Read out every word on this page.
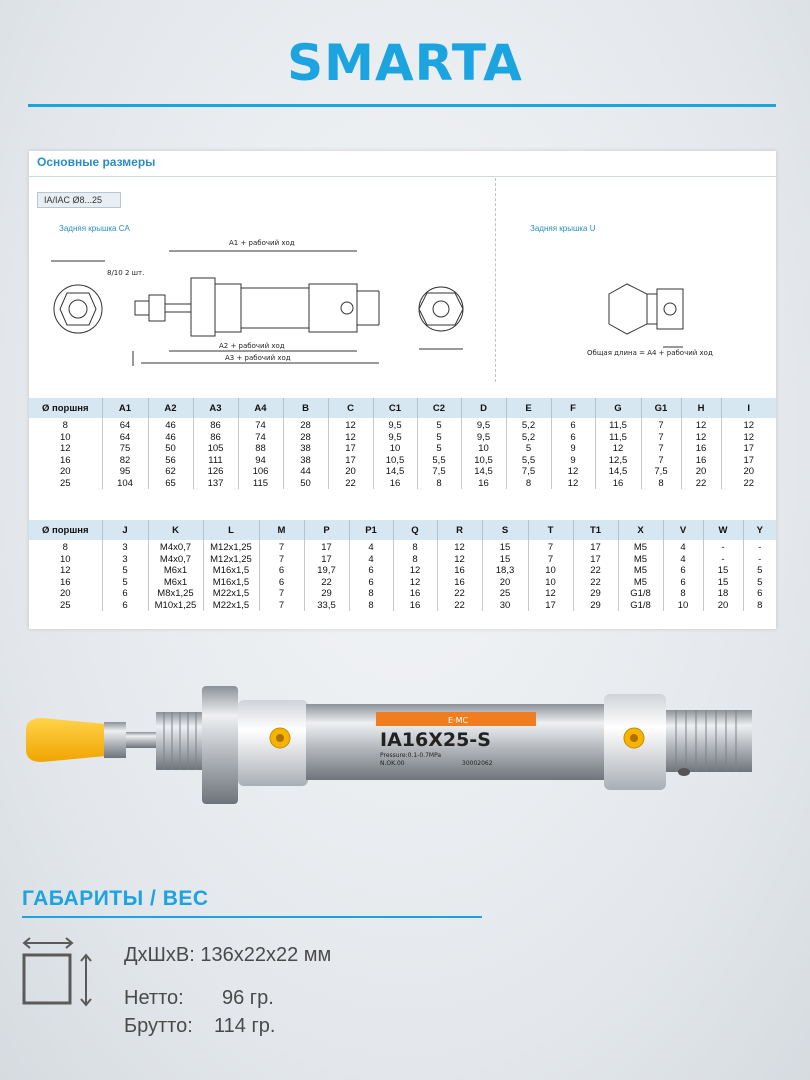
SMARTA
Основные размеры
IA/IAC Ø8...25
Задняя крышка CA	Задняя крышка U
A1 + рабочий ход
A2 + рабочий ход
A3 + рабочий ход
8/10 2 шт.
Общая длина = A4 + рабочий ход
Ø поршня	A1	A2	A3	A4	B	C	C1	C2	D	E	F	G	G1	H	I
8	64	46	86	74	28	12	9,5	5	9,5	5,2	6	11,5	7	12	12
10	64	46	86	74	28	12	9,5	5	9,5	5,2	6	11,5	7	12	12
12	75	50	105	88	38	17	10	5	10	5	9	12	7	16	17
16	82	56	111	94	38	17	10,5	5,5	10,5	5,5	9	12,5	7	16	17
20	95	62	126	106	44	20	14,5	7,5	14,5	7,5	12	14,5	7,5	20	20
25	104	65	137	115	50	22	16	8	16	8	12	16	8	22	22
Ø поршня	J	K	L	M	P	P1	Q	R	S	T	T1	X	V	W	Y
8	3	M4x0,7	M12x1,25	7	17	4	8	12	15	7	17	M5	4	-	-
10	3	M4x0,7	M12x1,25	7	17	4	8	12	15	7	17	M5	4	-	-
12	5	M6x1	M16x1,5	6	19,7	6	12	16	18,3	10	22	M5	6	15	5
16	5	M6x1	M16x1,5	6	22	6	12	16	20	10	22	M5	6	15	5
20	6	M8x1,25	M22x1,5	7	29	8	16	22	25	12	29	G1/8	8	18	6
25	6	M10x1,25	M22x1,5	7	33,5	8	16	22	30	17	29	G1/8	10	20	8
E·MC
IA16X25-S
Pressure:0.1-0.7MPa
N.OK.00	30002062
ГАБАРИТЫ / ВЕС
ДхШхВ: 136x22x22 мм
Нетто: 96 гр.
Брутто: 114 гр.
